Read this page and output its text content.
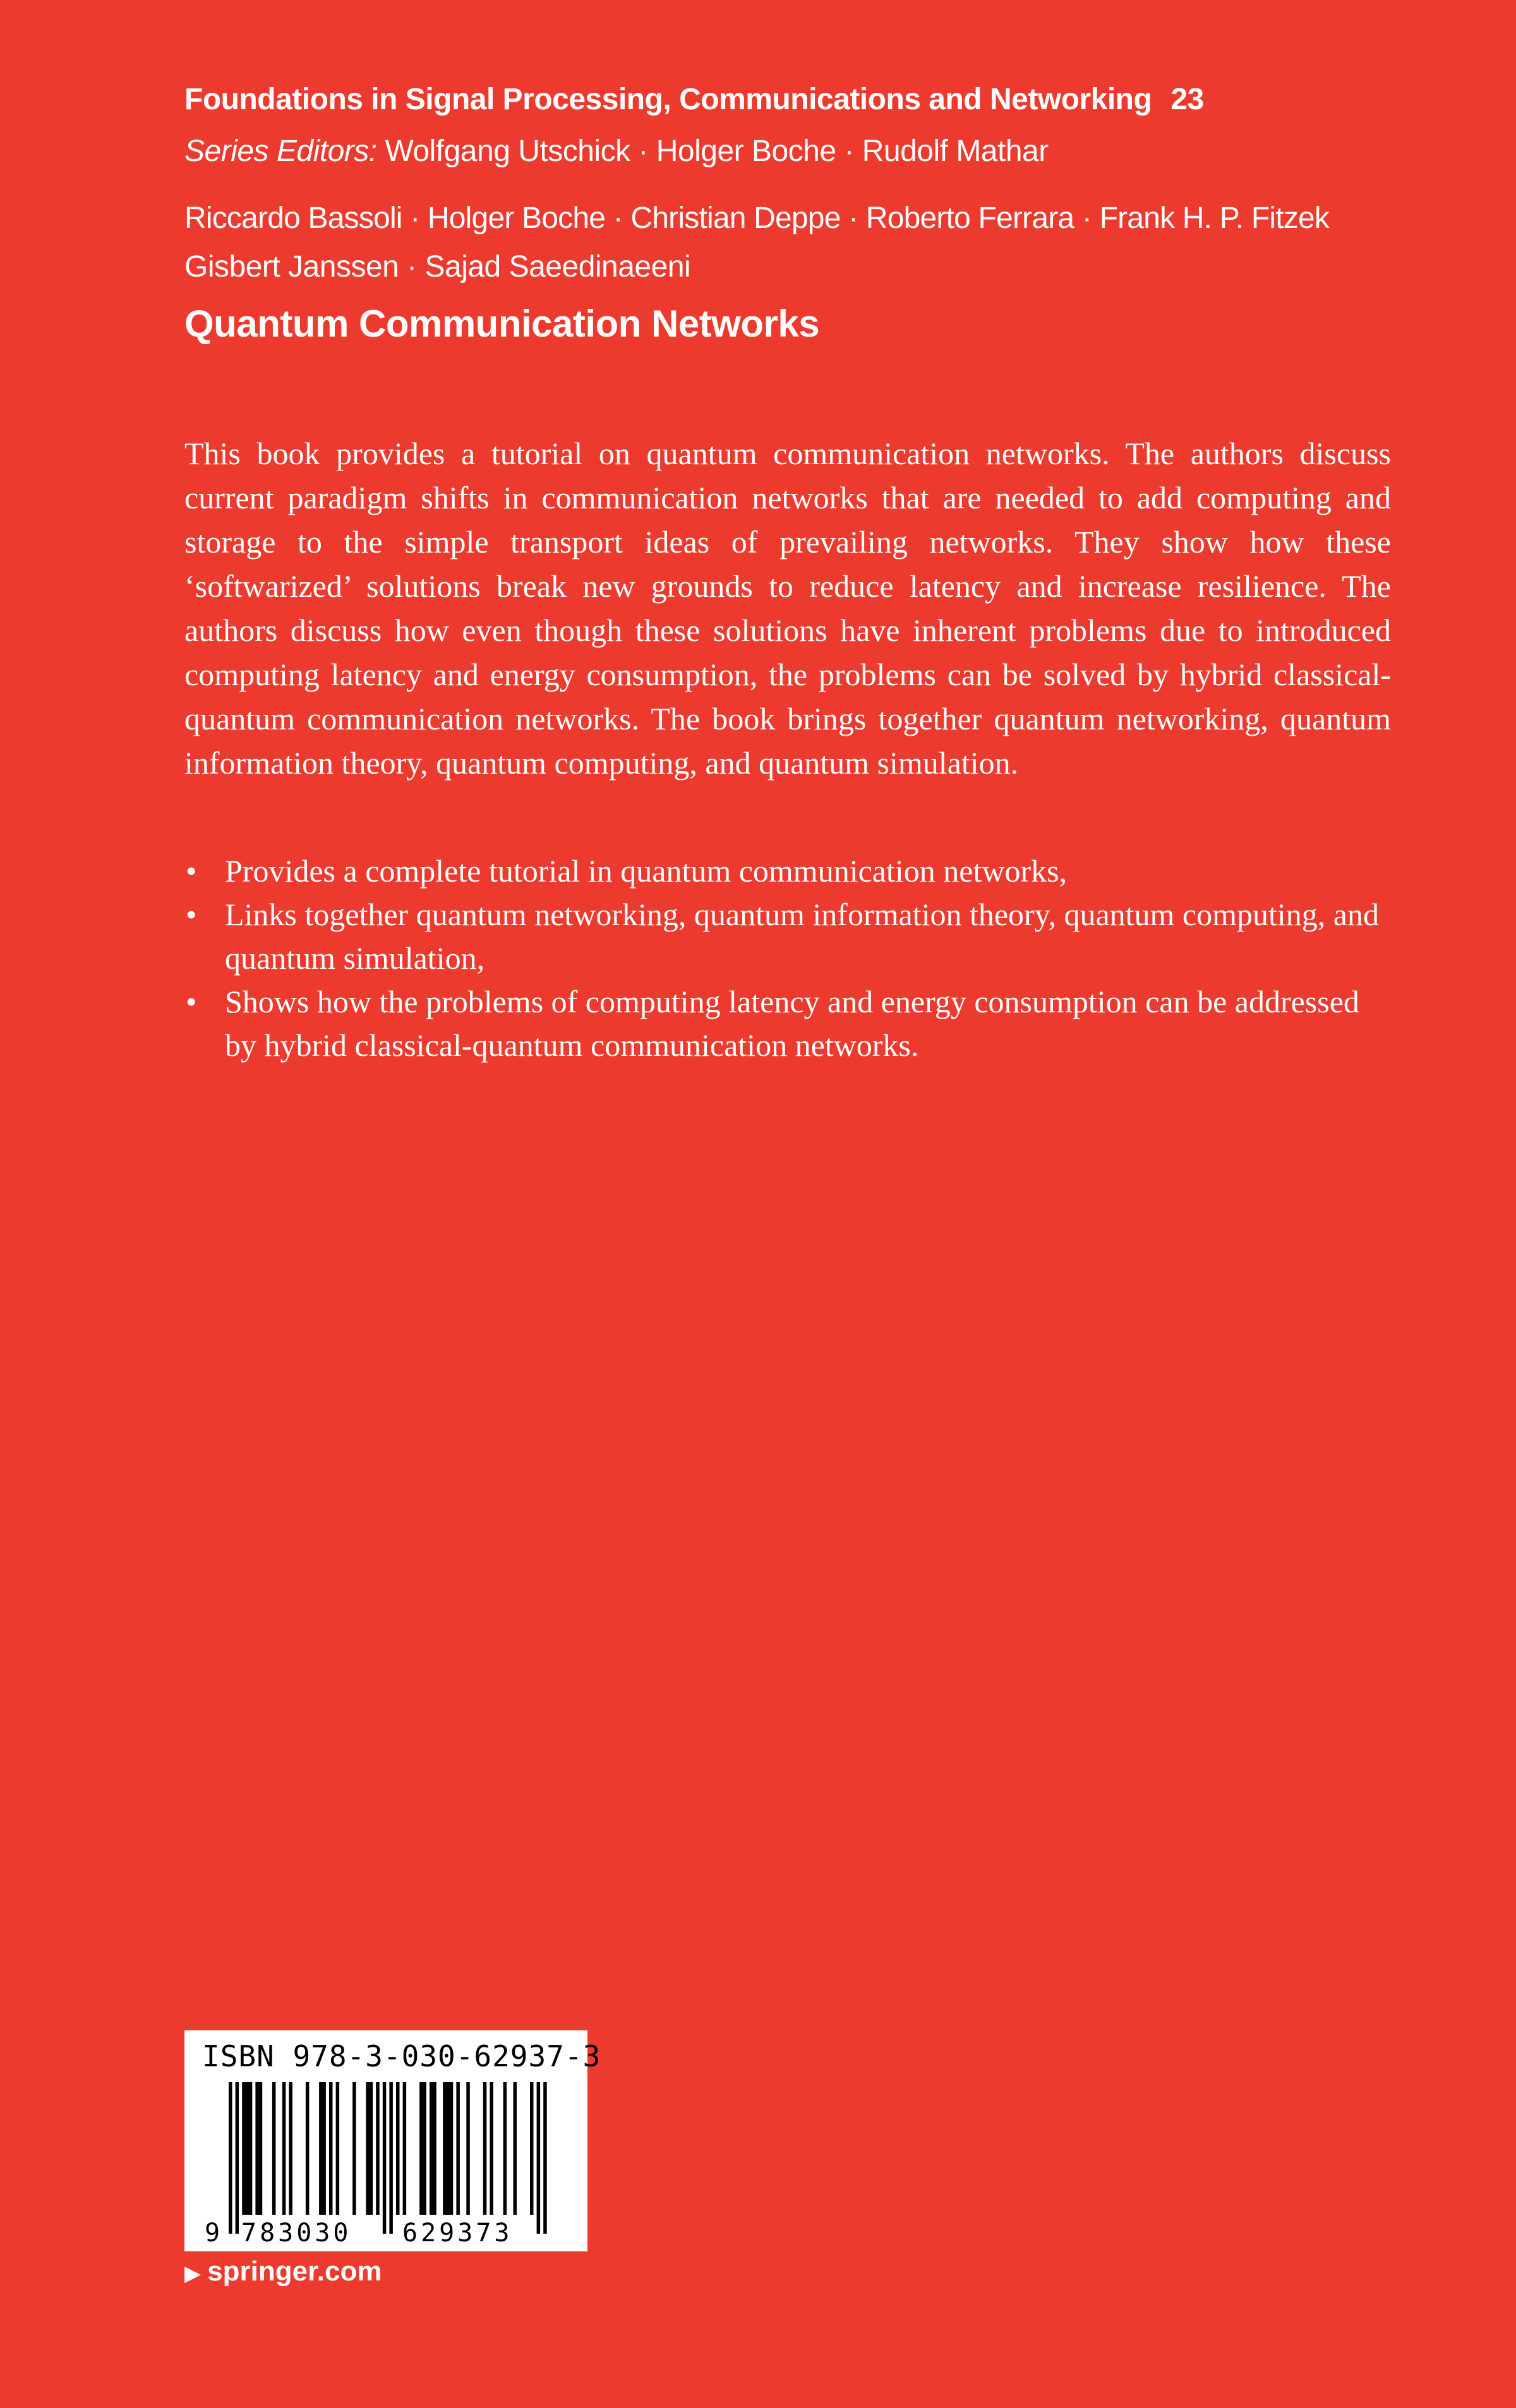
Foundations in Signal Processing, Communications and Networking 23
Series Editors: Wolfgang Utschick · Holger Boche · Rudolf Mathar
Riccardo Bassoli · Holger Boche · Christian Deppe · Roberto Ferrara · Frank H. P. Fitzek
Gisbert Janssen · Sajad Saeedinaeeni
Quantum Communication Networks

This book provides a tutorial on quantum communication networks. The authors discuss current paradigm shifts in communication networks that are needed to add computing and storage to the simple transport ideas of prevailing networks. They show how these ‘softwarized’ solutions break new grounds to reduce latency and increase resilience. The authors discuss how even though these solutions have inherent problems due to introduced computing latency and energy consumption, the problems can be solved by hybrid classical-quantum communication networks. The book brings together quantum networking, quantum information theory, quantum computing, and quantum simulation.

• Provides a complete tutorial in quantum communication networks,
• Links together quantum networking, quantum information theory, quantum computing, and quantum simulation,
• Shows how the problems of computing latency and energy consumption can be addressed by hybrid classical-quantum communication networks.
ISBN 978-3-030-62937-3
9 783030 629373
▶ springer.com
